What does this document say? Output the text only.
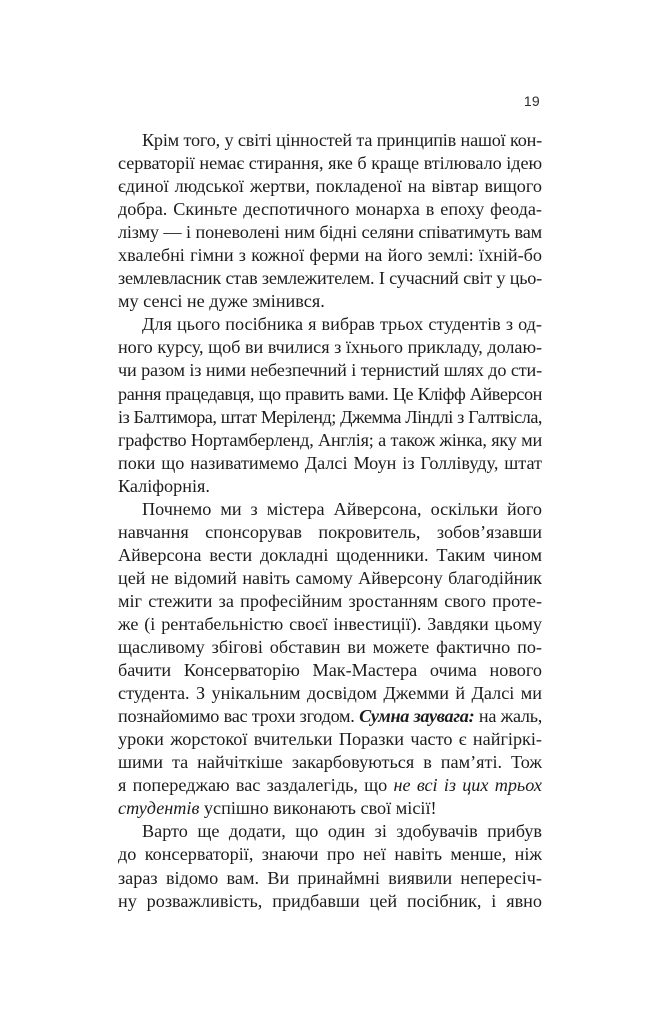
19
Крім того, у світі цінностей та принципів нашої кон-
серваторії немає стирання, яке б краще втілювало ідею
єдиної людської жертви, покладеної на вівтар вищого
добра. Скиньте деспотичного монарха в епоху феода-
лізму — і поневолені ним бідні селяни співатимуть вам
хвалебні гімни з кожної ферми на його землі: їхній-бо
землевласник став землежителем. І сучасний світ у цьо-
му сенсі не дуже змінився.
Для цього посібника я вибрав трьох студентів з од-
ного курсу, щоб ви вчилися з їхнього прикладу, долаю-
чи разом із ними небезпечний і тернистий шлях до сти-
рання працедавця, що править вами. Це Кліфф Айверсон
із Балтимора, штат Меріленд; Джемма Ліндлі з Галтвісла,
графство Нортамберленд, Англія; а також жінка, яку ми
поки що називатимемо Далсі Моун із Голлівуду, штат
Каліфорнія.
Почнемо ми з містера Айверсона, оскільки його
навчання спонсорував покровитель, зобов’язавши
Айверсона вести докладні щоденники. Таким чином
цей не відомий навіть самому Айверсону благодійник
міг стежити за професійним зростанням свого проте-
же (і рентабельністю своєї інвестиції). Завдяки цьому
щасливому збігові обставин ви можете фактично по-
бачити Консерваторію Мак-Мастера очима нового
студента. З унікальним досвідом Джемми й Далсі ми
познайомимо вас трохи згодом. Сумна заувага: на жаль,
уроки жорстокої вчительки Поразки часто є найгіркі-
шими та найчіткіше закарбовуються в пам’яті. Тож
я попереджаю вас заздалегідь, що не всі із цих трьох
студентів успішно виконають свої місії!
Варто ще додати, що один зі здобувачів прибув
до консерваторії, знаючи про неї навіть менше, ніж
зараз відомо вам. Ви принаймні виявили непересіч-
ну розважливість, придбавши цей посібник, і явно
